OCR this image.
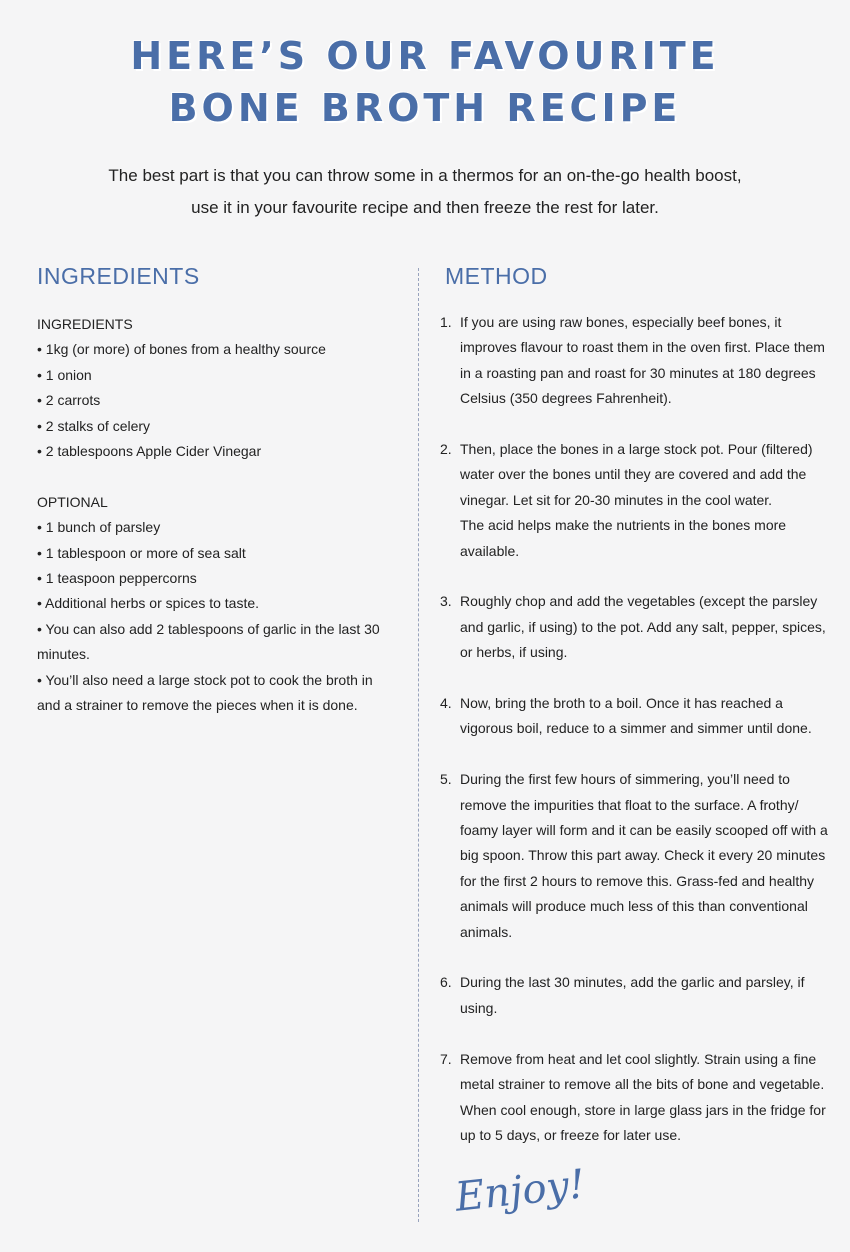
HERE’S OUR FAVOURITE
BONE BROTH RECIPE
The best part is that you can throw some in a thermos for an on-the-go health boost,
use it in your favourite recipe and then freeze the rest for later.
INGREDIENTS	METHOD
INGREDIENTS
• 1kg (or more) of bones from a healthy source
• 1 onion
• 2 carrots
• 2 stalks of celery
• 2 tablespoons Apple Cider Vinegar
OPTIONAL
• 1 bunch of parsley
• 1 tablespoon or more of sea salt
• 1 teaspoon peppercorns
• Additional herbs or spices to taste.
• You can also add 2 tablespoons of garlic in the last 30 minutes.
• You’ll also need a large stock pot to cook the broth in and a strainer to remove the pieces when it is done.
1. If you are using raw bones, especially beef bones, it improves flavour to roast them in the oven first. Place them in a roasting pan and roast for 30 minutes at 180 degrees Celsius (350 degrees Fahrenheit).
2. Then, place the bones in a large stock pot. Pour (filtered) water over the bones until they are covered and add the vinegar. Let sit for 20-30 minutes in the cool water.
The acid helps make the nutrients in the bones more available.
3. Roughly chop and add the vegetables (except the parsley and garlic, if using) to the pot. Add any salt, pepper, spices, or herbs, if using.
4. Now, bring the broth to a boil. Once it has reached a vigorous boil, reduce to a simmer and simmer until done.
5. During the first few hours of simmering, you’ll need to remove the impurities that float to the surface. A frothy/ foamy layer will form and it can be easily scooped off with a big spoon. Throw this part away. Check it every 20 minutes for the first 2 hours to remove this. Grass-fed and healthy animals will produce much less of this than conventional animals.
6. During the last 30 minutes, add the garlic and parsley, if using.
7. Remove from heat and let cool slightly. Strain using a fine metal strainer to remove all the bits of bone and vegetable. When cool enough, store in large glass jars in the fridge for up to 5 days, or freeze for later use.
Enjoy!
